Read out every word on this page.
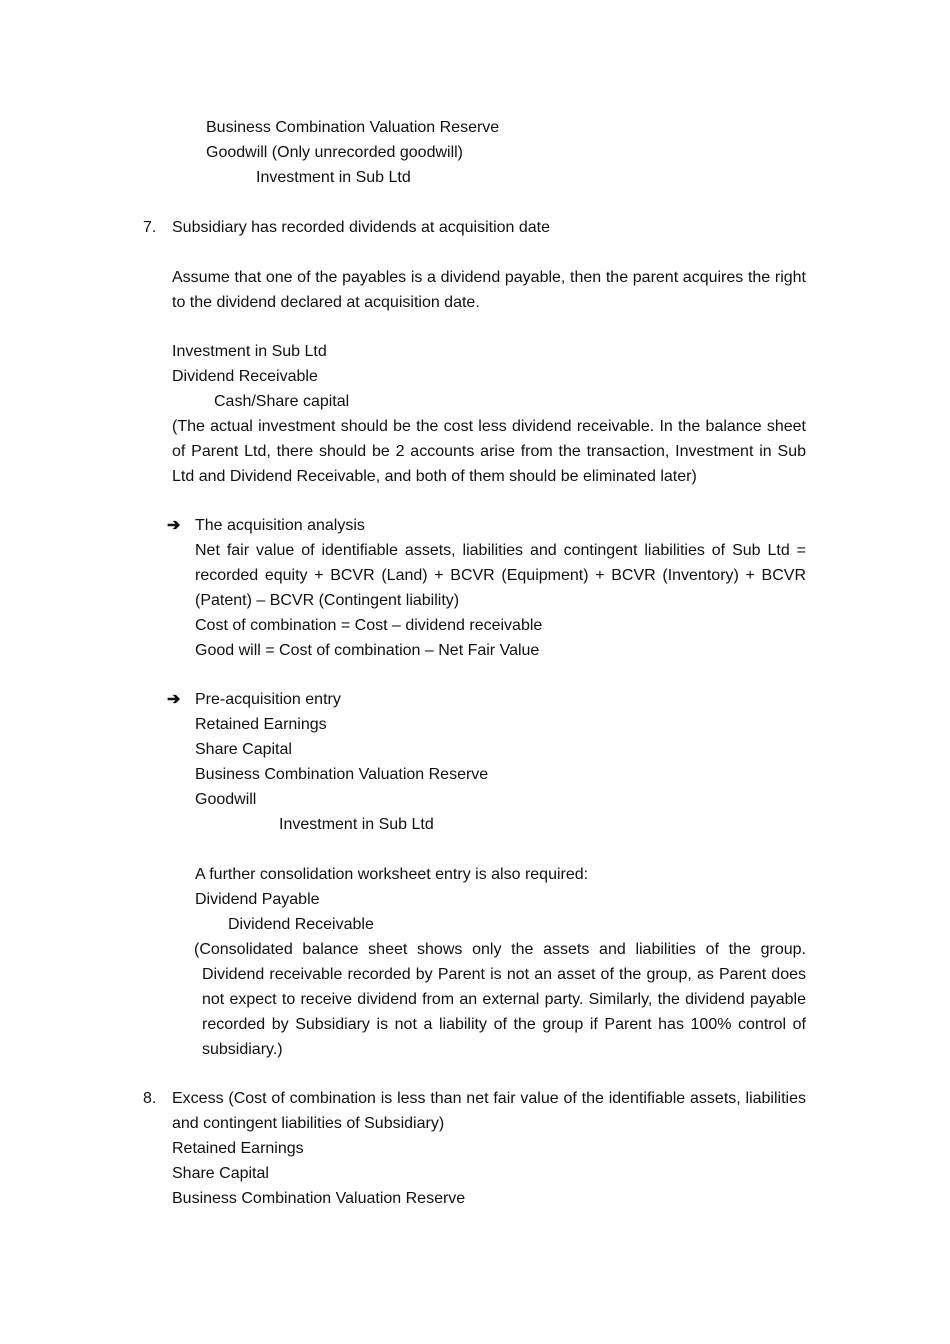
Business Combination Valuation Reserve
Goodwill (Only unrecorded goodwill)
Investment in Sub Ltd
7. Subsidiary has recorded dividends at acquisition date
Assume that one of the payables is a dividend payable, then the parent acquires the right to the dividend declared at acquisition date.
Investment in Sub Ltd
Dividend Receivable
Cash/Share capital
(The actual investment should be the cost less dividend receivable. In the balance sheet of Parent Ltd, there should be 2 accounts arise from the transaction, Investment in Sub Ltd and Dividend Receivable, and both of them should be eliminated later)
➔ The acquisition analysis
Net fair value of identifiable assets, liabilities and contingent liabilities of Sub Ltd = recorded equity + BCVR (Land) + BCVR (Equipment) + BCVR (Inventory) + BCVR (Patent) – BCVR (Contingent liability)
Cost of combination = Cost – dividend receivable
Good will = Cost of combination – Net Fair Value
➔ Pre-acquisition entry
Retained Earnings
Share Capital
Business Combination Valuation Reserve
Goodwill
Investment in Sub Ltd
A further consolidation worksheet entry is also required:
Dividend Payable
Dividend Receivable
(Consolidated balance sheet shows only the assets and liabilities of the group. Dividend receivable recorded by Parent is not an asset of the group, as Parent does not expect to receive dividend from an external party. Similarly, the dividend payable recorded by Subsidiary is not a liability of the group if Parent has 100% control of subsidiary.)
8. Excess (Cost of combination is less than net fair value of the identifiable assets, liabilities and contingent liabilities of Subsidiary)
Retained Earnings
Share Capital
Business Combination Valuation Reserve
